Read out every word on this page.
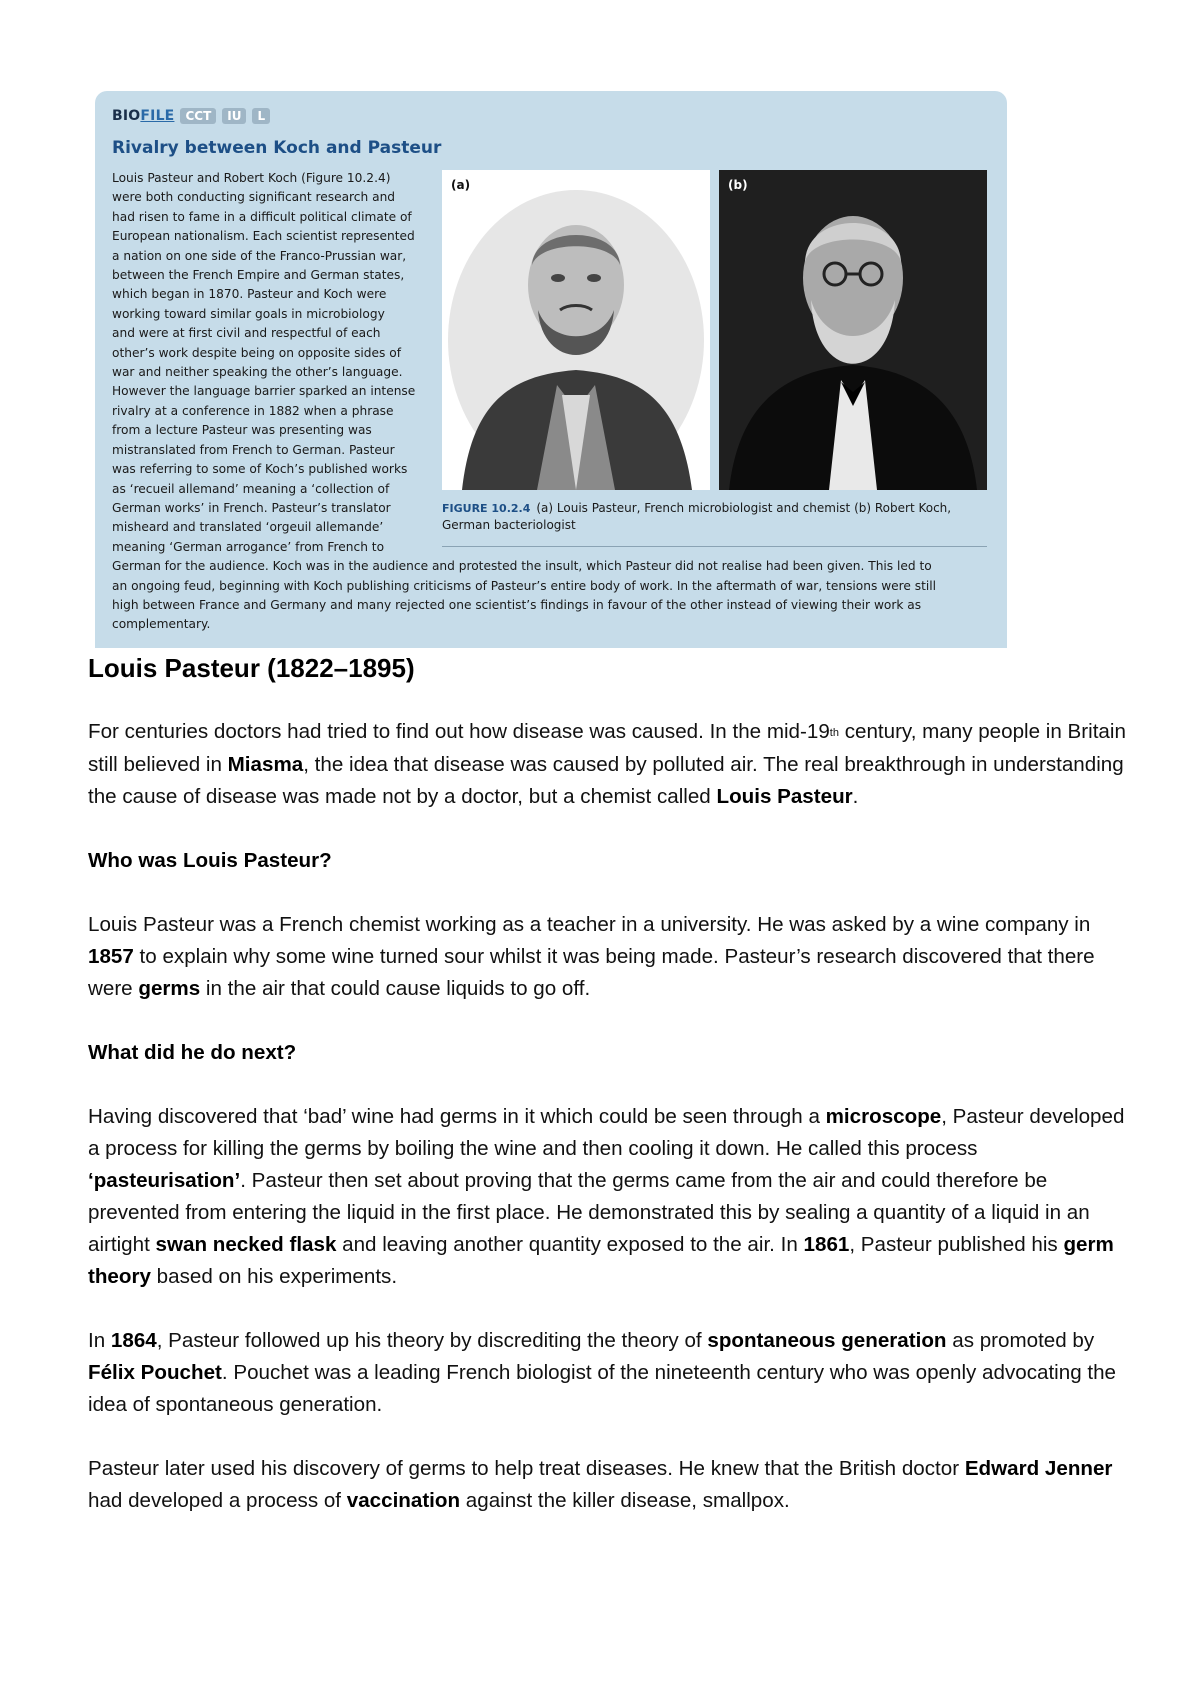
BIOFILE CCT	IU	L
Rivalry between Koch and Pasteur
Louis Pasteur and Robert Koch (Figure 10.2.4)
were both conducting significant research and
had risen to fame in a difficult political climate of
European nationalism. Each scientist represented
a nation on one side of the Franco-Prussian war,
between the French Empire and German states,
which began in 1870. Pasteur and Koch were
working toward similar goals in microbiology
and were at first civil and respectful of each
other’s work despite being on opposite sides of
war and neither speaking the other’s language.
However the language barrier sparked an intense
rivalry at a conference in 1882 when a phrase
from a lecture Pasteur was presenting was
mistranslated from French to German. Pasteur
was referring to some of Koch’s published works
as ‘recueil allemand’ meaning a ‘collection of
German works’ in French. Pasteur’s translator
misheard and translated ‘orgeuil allemande’
meaning ‘German arrogance’ from French to
German for the audience. Koch was in the audience and protested the insult, which Pasteur did not realise had been given. This led to
an ongoing feud, beginning with Koch publishing criticisms of Pasteur’s entire body of work. In the aftermath of war, tensions were still
high between France and Germany and many rejected one scientist’s findings in favour of the other instead of viewing their work as
complementary.
(a)	(b)

FIGURE 10.2.4 (a) Louis Pasteur, French microbiologist and chemist (b) Robert Koch, German bacteriologist

Louis Pasteur (1822–1895)

For centuries doctors had tried to find out how disease was caused. In the mid-19th century, many people in Britain still believed in Miasma, the idea that disease was caused by polluted air. The real breakthrough in understanding the cause of disease was made not by a doctor, but a chemist called Louis Pasteur.

Who was Louis Pasteur?

Louis Pasteur was a French chemist working as a teacher in a university. He was asked by a wine company in 1857 to explain why some wine turned sour whilst it was being made. Pasteur’s research discovered that there were germs in the air that could cause liquids to go off.

What did he do next?

Having discovered that ‘bad’ wine had germs in it which could be seen through a microscope, Pasteur developed a process for killing the germs by boiling the wine and then cooling it down. He called this process ‘pasteurisation’. Pasteur then set about proving that the germs came from the air and could therefore be prevented from entering the liquid in the first place. He demonstrated this by sealing a quantity of a liquid in an airtight swan necked flask and leaving another quantity exposed to the air. In 1861, Pasteur published his germ theory based on his experiments.

In 1864, Pasteur followed up his theory by discrediting the theory of spontaneous generation as promoted by Félix Pouchet. Pouchet was a leading French biologist of the nineteenth century who was openly advocating the idea of spontaneous generation.

Pasteur later used his discovery of germs to help treat diseases. He knew that the British doctor Edward Jenner had developed a process of vaccination against the killer disease, smallpox.
